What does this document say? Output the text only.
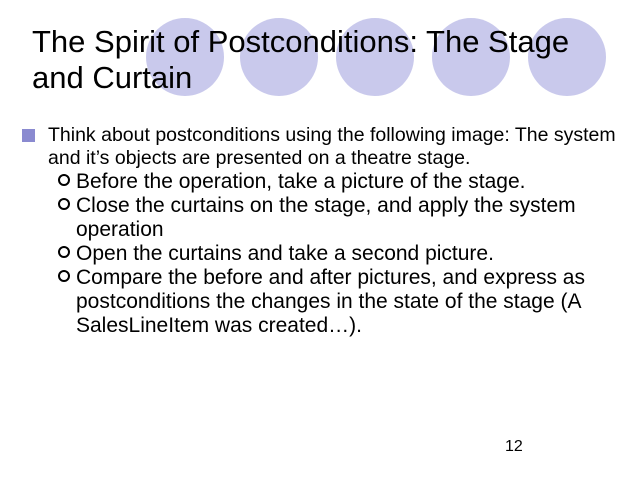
The Spirit of Postconditions: The Stage and Curtain
Think about postconditions using the following image: The system and it’s objects are presented on a theatre stage.
Before the operation, take a picture of the stage.
Close the curtains on the stage, and apply the system operation
Open the curtains and take a second picture.
Compare the before and after pictures, and express as postconditions the changes in the state of the stage (A SalesLineItem was created…).
12
